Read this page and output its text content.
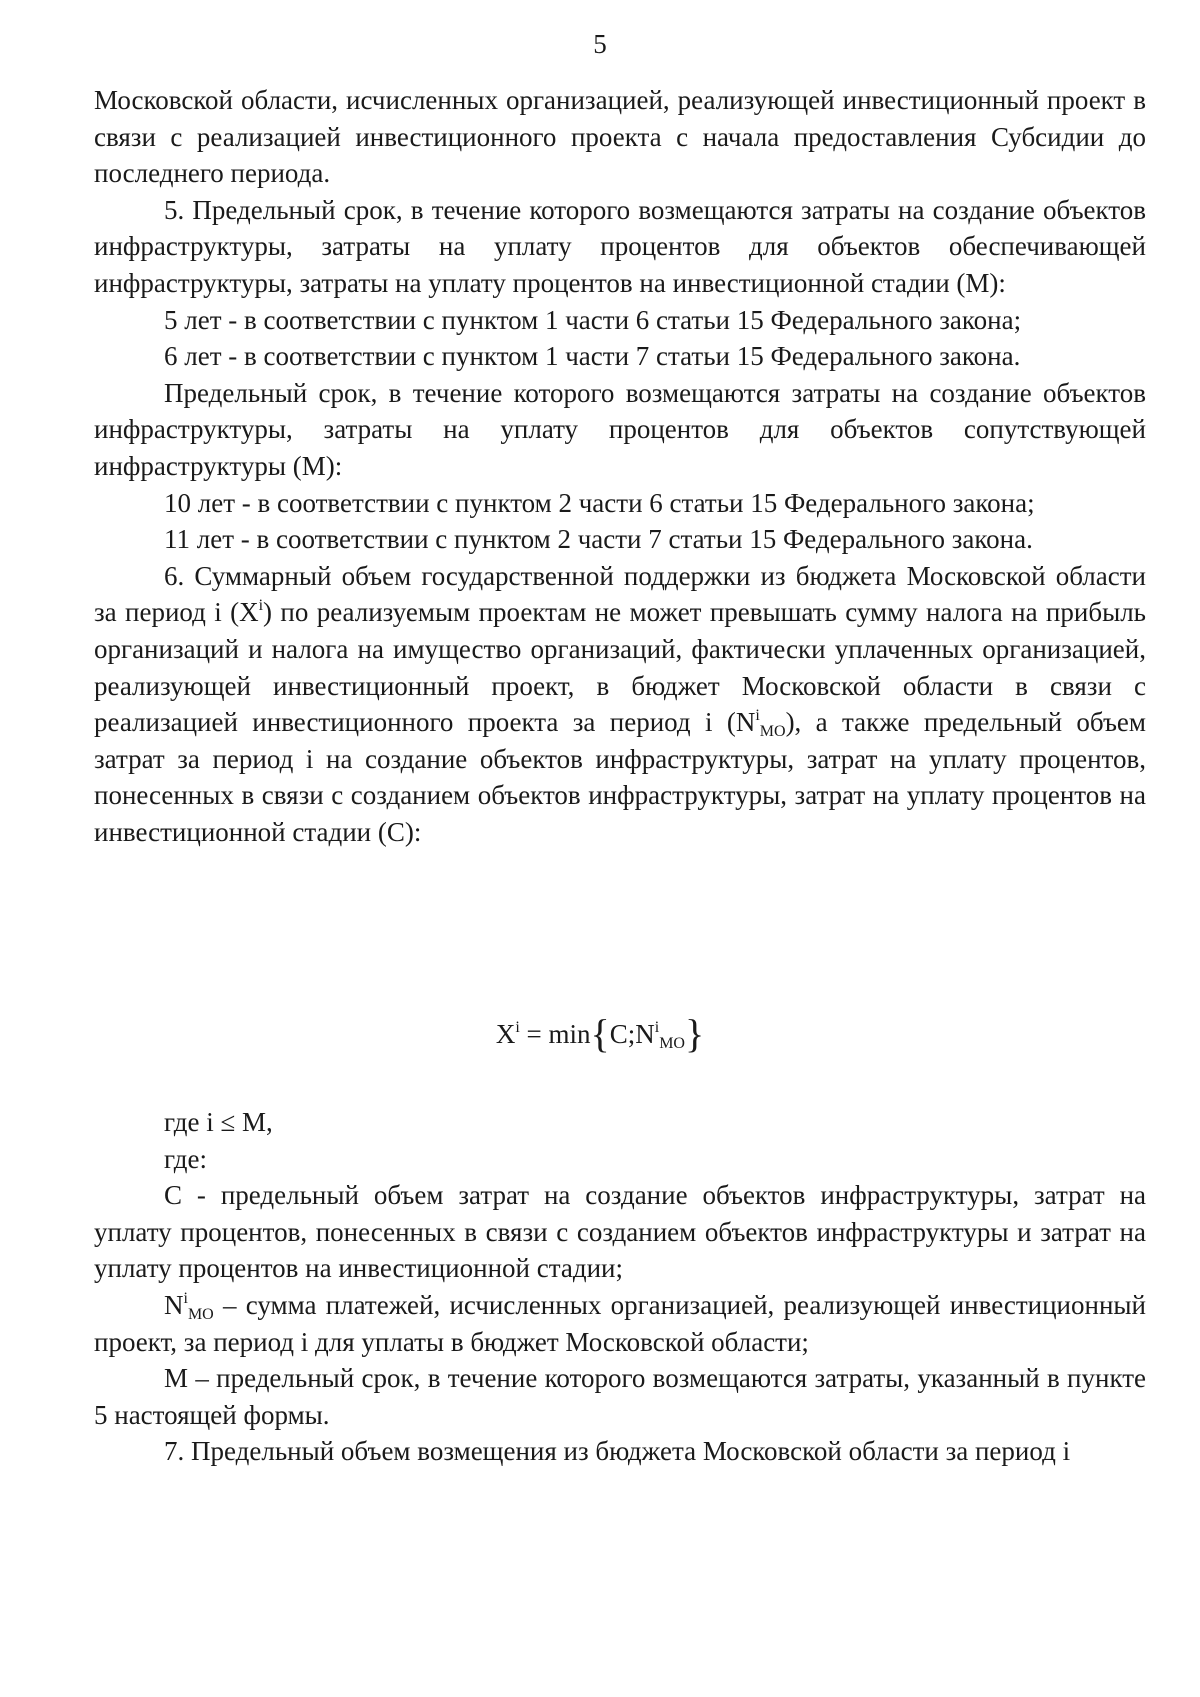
5

Московской области, исчисленных организацией, реализующей инвестиционный проект в связи с реализацией инвестиционного проекта с начала предоставления Субсидии до последнего периода.

5. Предельный срок, в течение которого возмещаются затраты на создание объектов инфраструктуры, затраты на уплату процентов для объектов обеспечивающей инфраструктуры, затраты на уплату процентов на инвестиционной стадии (М):

5 лет - в соответствии с пунктом 1 части 6 статьи 15 Федерального закона;

6 лет - в соответствии с пунктом 1 части 7 статьи 15 Федерального закона.

Предельный срок, в течение которого возмещаются затраты на создание объектов инфраструктуры, затраты на уплату процентов для объектов сопутствующей инфраструктуры (М):

10 лет - в соответствии с пунктом 2 части 6 статьи 15 Федерального закона;

11 лет - в соответствии с пунктом 2 части 7 статьи 15 Федерального закона.

6. Суммарный объем государственной поддержки из бюджета Московской области за период i $(X^i)$ по реализуемым проектам не может превышать сумму налога на прибыль организаций и налога на имущество организаций, фактически уплаченных организацией, реализующей инвестиционный проект, в бюджет Московской области в связи с реализацией инвестиционного проекта за период i $(N^i_{МО})$, а также предельный объем затрат за период i на создание объектов инфраструктуры, затрат на уплату процентов, понесенных в связи с созданием объектов инфраструктуры, затрат на уплату процентов на инвестиционной стадии (С):

$X^i$ = $\min\{C;N^i_{МО}\}$

где i ≤ М,

где:

С - предельный объем затрат на создание объектов инфраструктуры, затрат на уплату процентов, понесенных в связи с созданием объектов инфраструктуры и затрат на уплату процентов на инвестиционной стадии;

$N^i_{МО}$ – сумма платежей, исчисленных организацией, реализующей инвестиционный проект, за период i для уплаты в бюджет Московской области;

М – предельный срок, в течение которого возмещаются затраты, указанный в пункте 5 настоящей формы.

7. Предельный объем возмещения из бюджета Московской области за период i
